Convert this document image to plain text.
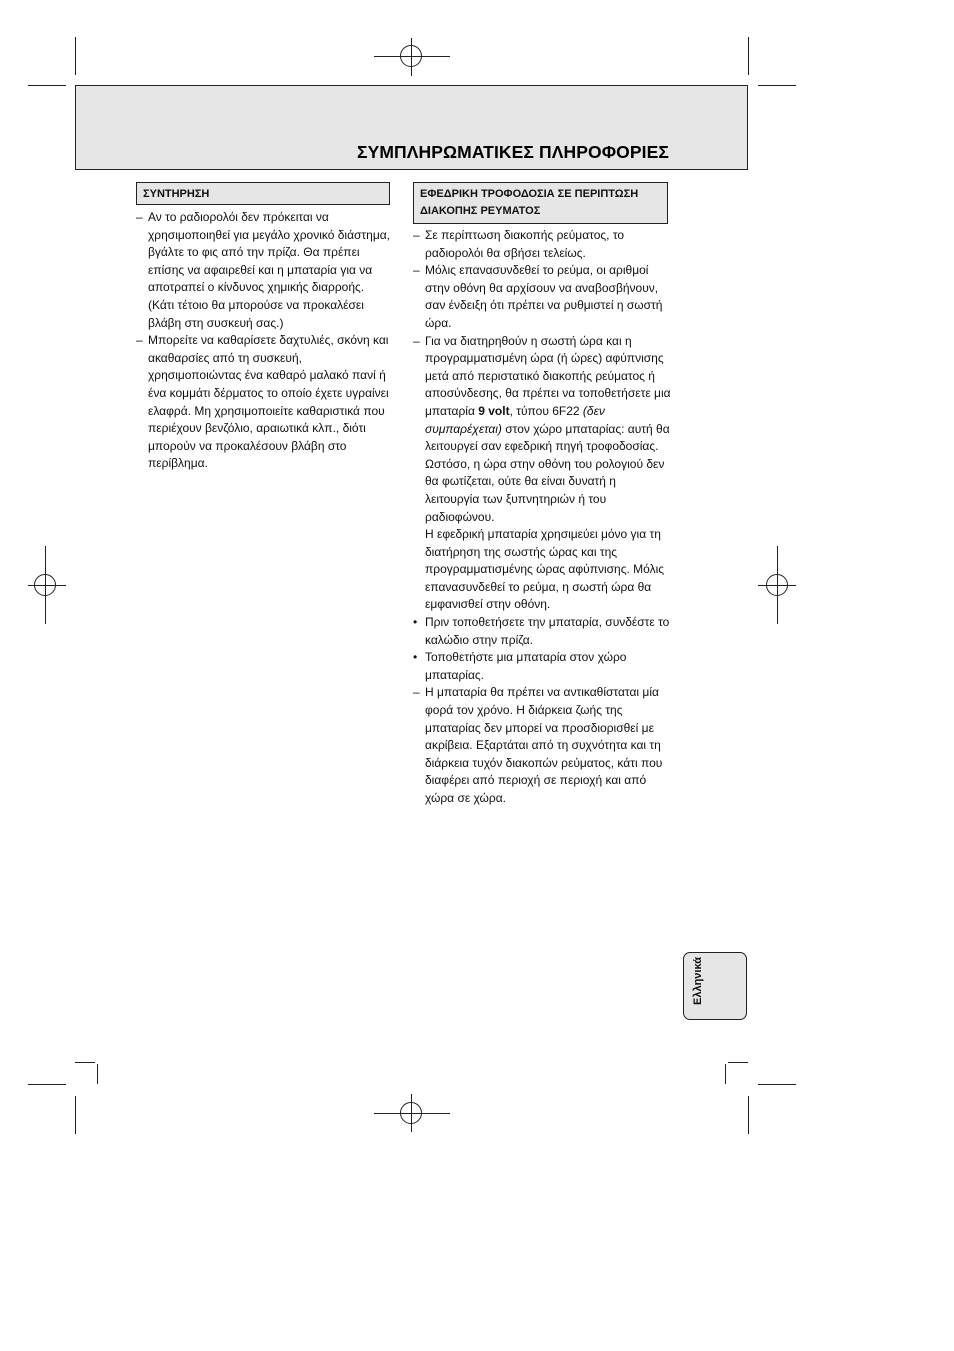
ΣΥΜΠΛΗΡΩΜΑΤΙΚΕΣ ΠΛΗΡΟΦΟΡΙΕΣ
ΣΥΝΤΗΡΗΣΗ
– Αν το ραδιορολόι δεν πρόκειται να χρησιμοποιηθεί για μεγάλο χρονικό διάστημα, βγάλτε το φις από την πρίζα. Θα πρέπει επίσης να αφαιρεθεί και η μπαταρία για να αποτραπεί ο κίνδυνος χημικής διαρροής. (Κάτι τέτοιο θα μπορούσε να προκαλέσει βλάβη στη συσκευή σας.)
– Μπορείτε να καθαρίσετε δαχτυλιές, σκόνη και ακαθαρσίες από τη συσκευή, χρησιμοποιώντας ένα καθαρό μαλακό πανί ή ένα κομμάτι δέρματος το οποίο έχετε υγραίνει ελαφρά. Μη χρησιμοποιείτε καθαριστικά που περιέχουν βενζόλιο, αραιωτικά κλπ., διότι μπορούν να προκαλέσουν βλάβη στο περίβλημα.
ΕΦΕΔΡΙΚΗ ΤΡΟΦΟΔΟΣΙΑ ΣΕ ΠΕΡΙΠΤΩΣΗ ΔΙΑΚΟΠΗΣ ΡΕΥΜΑΤΟΣ
– Σε περίπτωση διακοπής ρεύματος, το ραδιορολόι θα σβήσει τελείως.
– Μόλις επανασυνδεθεί το ρεύμα, οι αριθμοί στην οθόνη θα αρχίσουν να αναβοσβήνουν, σαν ένδειξη ότι πρέπει να ρυθμιστεί η σωστή ώρα.
– Για να διατηρηθούν η σωστή ώρα και η προγραμματισμένη ώρα (ή ώρες) αφύπνισης μετά από περιστατικό διακοπής ρεύματος ή αποσύνδεσης, θα πρέπει να τοποθετήσετε μια μπαταρία 9 volt, τύπου 6F22 (δεν συμπαρέχεται) στον χώρο μπαταρίας: αυτή θα λειτουργεί σαν εφεδρική πηγή τροφοδοσίας. Ωστόσο, η ώρα στην οθόνη του ρολογιού δεν θα φωτίζεται, ούτε θα είναι δυνατή η λειτουργία των ξυπνητηριών ή του ραδιοφώνου.

Η εφεδρική μπαταρία χρησιμεύει μόνο για τη διατήρηση της σωστής ώρας και της προγραμματισμένης ώρας αφύπνισης. Μόλις επανασυνδεθεί το ρεύμα, η σωστή ώρα θα εμφανισθεί στην οθόνη.

• Πριν τοποθετήσετε την μπαταρία, συνδέστε το καλώδιο στην πρίζα.
• Τοποθετήστε μια μπαταρία στον χώρο μπαταρίας.
– Η μπαταρία θα πρέπει να αντικαθίσταται μία φορά τον χρόνο. Η διάρκεια ζωής της μπαταρίας δεν μπορεί να προσδιορισθεί με ακρίβεια. Εξαρτάται από τη συχνότητα και τη διάρκεια τυχόν διακοπών ρεύματος, κάτι που διαφέρει από περιοχή σε περιοχή και από χώρα σε χώρα.
Ελληνικά
